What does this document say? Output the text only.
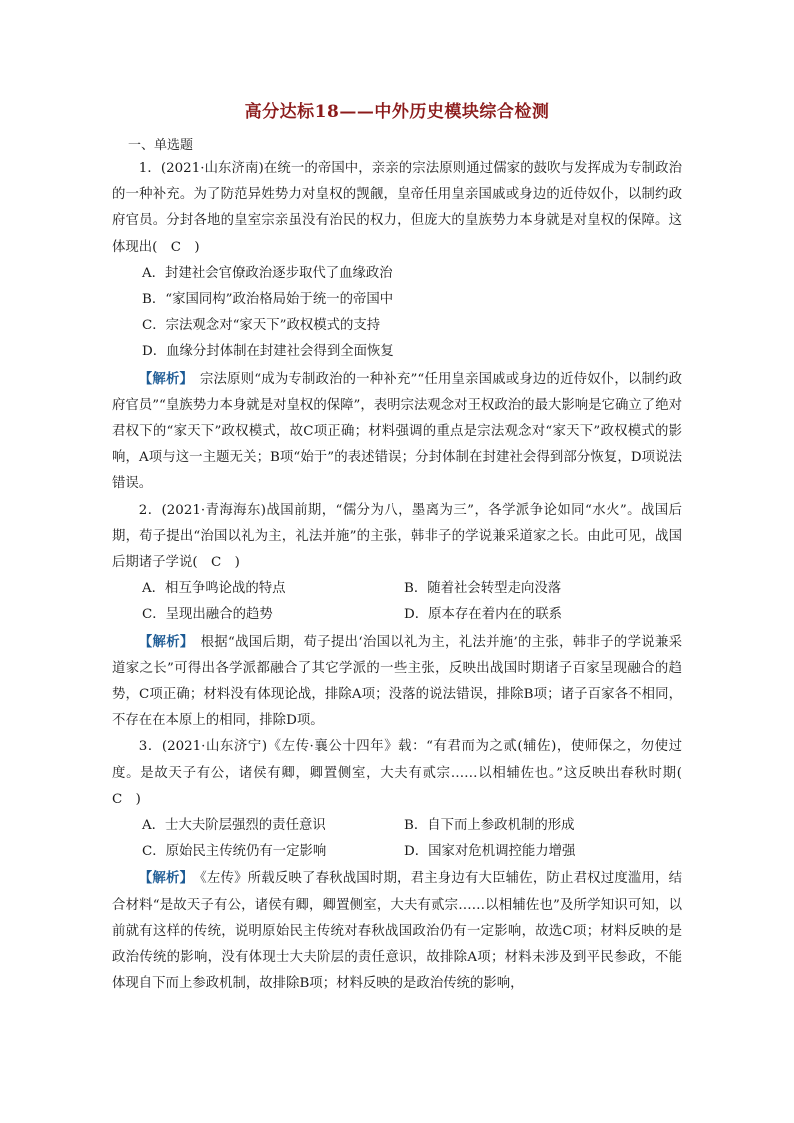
高分达标18——中外历史模块综合检测
一、单选题

1．(2021·山东济南)在统一的帝国中，亲亲的宗法原则通过儒家的鼓吹与发挥成为专制政治的一种补充。为了防范异姓势力对皇权的觊觎，皇帝任用皇亲国戚或身边的近侍奴仆，以制约政府官员。分封各地的皇室宗亲虽没有治民的权力，但庞大的皇族势力本身就是对皇权的保障。这体现出(　C　)

A．封建社会官僚政治逐步取代了血缘政治

B．“家国同构”政治格局始于统一的帝国中

C．宗法观念对“家天下”政权模式的支持

D．血缘分封体制在封建社会得到全面恢复

【解析】　 宗法原则“成为专制政治的一种补充”“任用皇亲国戚或身边的近侍奴仆，以制约政府官员”“皇族势力本身就是对皇权的保障”，表明宗法观念对王权政治的最大影响是它确立了绝对君权下的“家天下”政权模式，故C项正确；材料强调的重点是宗法观念对“家天下”政权模式的影响，A项与这一主题无关；B项“始于”的表述错误；分封体制在封建社会得到部分恢复，D项说法错误。

2．(2021·青海海东)战国前期，“儒分为八，墨离为三”，各学派争论如同“水火”。战国后期，荀子提出“治国以礼为主，礼法并施”的主张，韩非子的学说兼采道家之长。由此可见，战国后期诸子学说(　C　)

A．相互争鸣论战的特点	B．随着社会转型走向没落
C．呈现出融合的趋势	D．原本存在着内在的联系

【解析】　 根据“战国后期，荀子提出‘治国以礼为主，礼法并施’的主张，韩非子的学说兼采道家之长”可得出各学派都融合了其它学派的一些主张，反映出战国时期诸子百家呈现融合的趋势，C项正确；材料没有体现论战，排除A项；没落的说法错误，排除B项；诸子百家各不相同，不存在在本原上的相同，排除D项。

3．(2021·山东济宁)《左传·襄公十四年》载：“有君而为之贰(辅佐)，使师保之，勿使过度。是故天子有公，诸侯有卿，卿置侧室，大夫有贰宗……以相辅佐也。”这反映出春秋时期(　C　)

A．士大夫阶层强烈的责任意识	B．自下而上参政机制的形成
C．原始民主传统仍有一定影响	D．国家对危机调控能力增强

【解析】　 《左传》所载反映了春秋战国时期，君主身边有大臣辅佐，防止君权过度滥用，结合材料“是故天子有公，诸侯有卿，卿置侧室，大夫有贰宗……以相辅佐也”及所学知识可知，以前就有这样的传统，说明原始民主传统对春秋战国政治仍有一定影响，故选C项；材料反映的是政治传统的影响，没有体现士大夫阶层的责任意识，故排除A项；材料未涉及到平民参政，不能体现自下而上参政机制，故排除B项；材料反映的是政治传统的影响，
